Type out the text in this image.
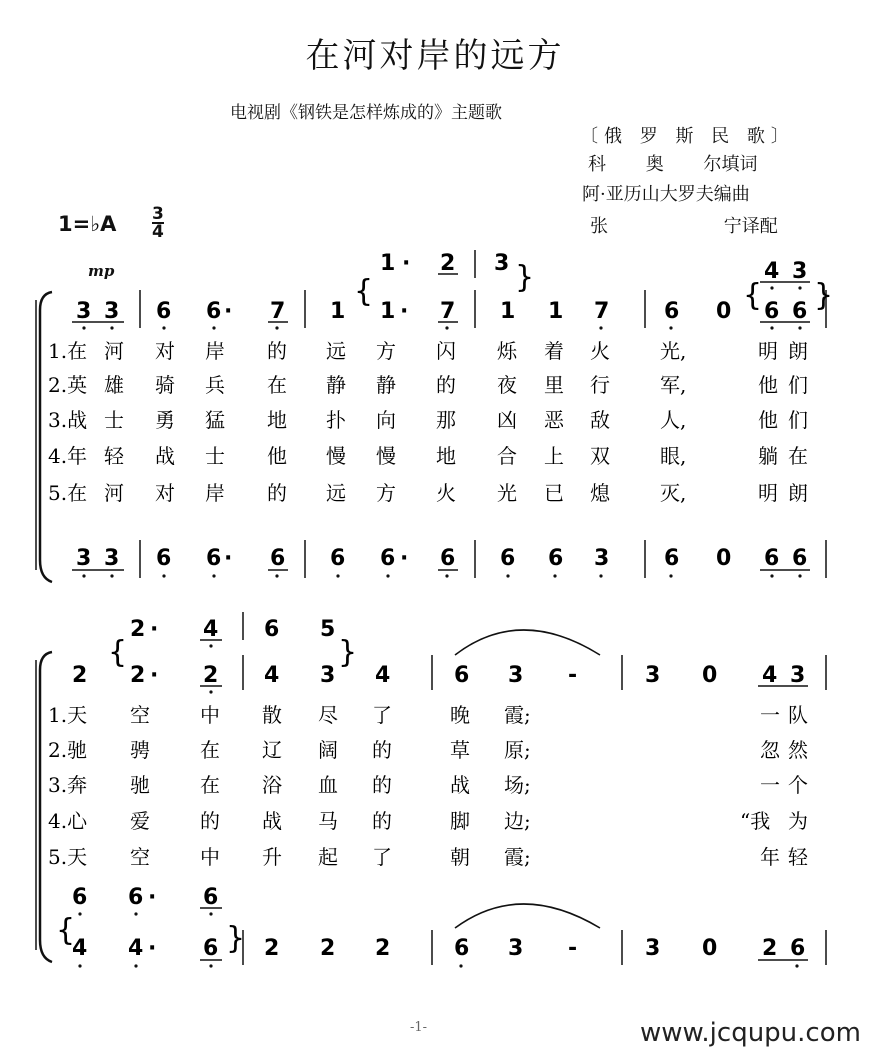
在河对岸的远方
电视剧《钢铁是怎样炼成的》主题歌
〔俄 罗 斯 民 歌〕
科 奥 尔填词
阿·亚历山大罗夫编曲
张 宁译配
1=♭A 3
4
mp
{	}
{ }
{	}
{	}
1 · 2 3	4 3
3 3 6 6 · 7 1 1 · 7 1 1 7 6 0 6 6
1.在 河 对 岸 的 远 方 闪 烁 着 火	光,	明 朗
2.英 雄 骑 兵 在 静 静 的 夜 里 行	军,	他 们
3.战 士 勇 猛 地 扑 向 那 凶 恶 敌	人,	他 们
4.年 轻 战 士 他 慢 慢 地 合 上 双	眼,	躺 在
5.在 河 对 岸 的 远 方 火 光 已 熄	灭,	明 朗
3 3 6 6 · 6 6 6 · 6 6 6 3 6 0 6 6
2 · 4 6 5
2 2 · 2 4 3 4	6 3 -	3 0 4 3
1.天 空	中 散 尽 了	晚 霞;	一 队
2.驰 骋	在 辽 阔 的	草 原;	忽 然
3.奔 驰	在 浴 血 的	战 场;	一 个
4.心 爱	的 战 马 的	脚 边;	“我 为
5.天 空	中 升 起 了	朝 霞;	年 轻
6 6 · 6
4 4 · 6 2 2 2	6 3 -	3 0 2 6
-1-	www.jcqupu.com
